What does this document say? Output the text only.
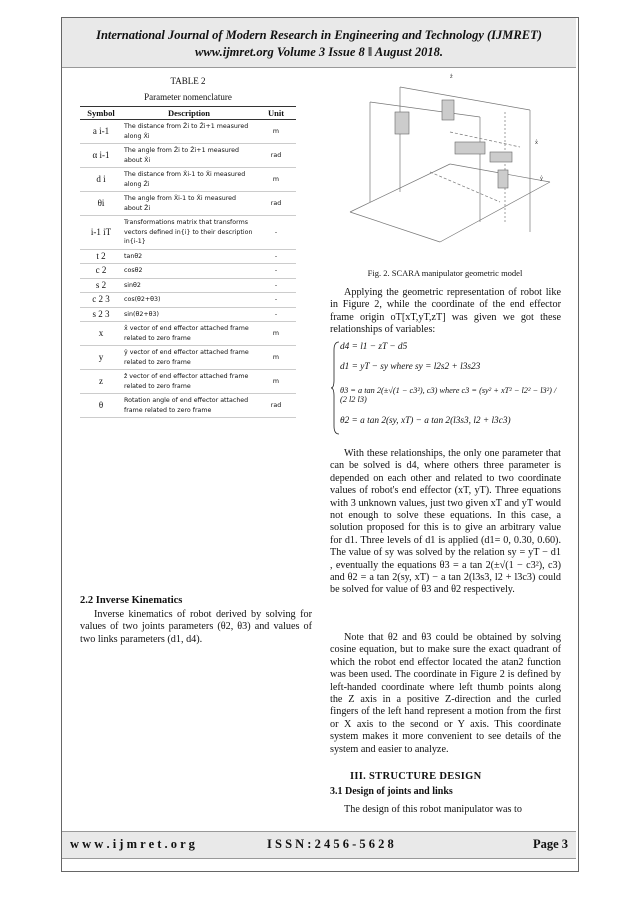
International Journal of Modern Research in Engineering and Technology (IJMRET)
www.ijmret.org Volume 3 Issue 8 ǁ August 2018.
TABLE 2
Parameter nomenclature
Symbol	Description	Unit
a i-1	The distance from Ẑi to Ẑi+1 measured along X̂i	m
α i-1	The angle from Ẑi to Ẑi+1 measured about X̂i	rad
d i	The distance from X̂i-1 to X̂i measured along Ẑi	m
θi	The angle from X̂i-1 to X̂i measured about Ẑi	rad
i-1 iT	Transformations matrix that transforms vectors defined in{i} to their description in{i-1}	-
t 2	tanθ2	-
c 2	cosθ2	-
s 2	sinθ2	-
c 2 3	cos(θ2+θ3)	-
s 2 3	sin(θ2+θ3)	-
x	x̂ vector of end effector attached frame related to zero frame	m
y	ŷ vector of end effector attached frame related to zero frame	m
z	ẑ vector of end effector attached frame related to zero frame	m
θ	Rotation angle of end effector attached frame related to zero frame	rad
2.2 Inverse Kinematics
Inverse kinematics of robot derived by solving for values of two joints parameters (θ2, θ3) and values of two links parameters (d1, d4).
ẑ
x̂
ŷ
Fig. 2. SCARA manipulator geometric model
Applying the geometric representation of robot like in Figure 2, while the coordinate of the end effector frame origin oT[xT,yT,zT] was given we got these relationships of variables:
d4 = l1 − zT − d5
d1 = yT − sy where sy = l2s2 + l3s23
θ3 = a tan 2(±√(1 − c3²), c3) where c3 = (sy² + xT² − l2² − l3²) / (2 l2 l3)
θ2 = a tan 2(sy, xT) − a tan 2(l3s3, l2 + l3c3)
With these relationships, the only one parameter that can be solved is d4, where others three parameter is depended on each other and related to two coordinate values of robot's end effector (xT, yT). Three equations with 3 unknown values, just two given xT and yT would not enough to solve these equations. In this case, a solution proposed for this is to give an arbitrary value for d1. Three levels of d1 is applied (d1= 0, 0.30, 0.60). The value of sy was solved by the relation sy = yT − d1 , eventually the equations θ3 = a tan 2(±√(1 − c3²), c3) and θ2 = a tan 2(sy, xT) − a tan 2(l3s3, l2 + l3c3) could be solved for value of θ3 and θ2 respectively.
Note that θ2 and θ3 could be obtained by solving cosine equation, but to make sure the exact quadrant of which the robot end effector located the atan2 function was been used. The coordinate in Figure 2 is defined by left-handed coordinate where left thumb points along the Z axis in a positive Z-direction and the curled fingers of the left hand represent a motion from the first or X axis to the second or Y axis. This coordinate system makes it more convenient to see details of the system and easier to analyze.
III. STRUCTURE DESIGN
3.1 Design of joints and links
The design of this robot manipulator was to
w w w . i j m r e t . o r g	I S S N : 2 4 5 6 - 5 6 2 8	Page 3
